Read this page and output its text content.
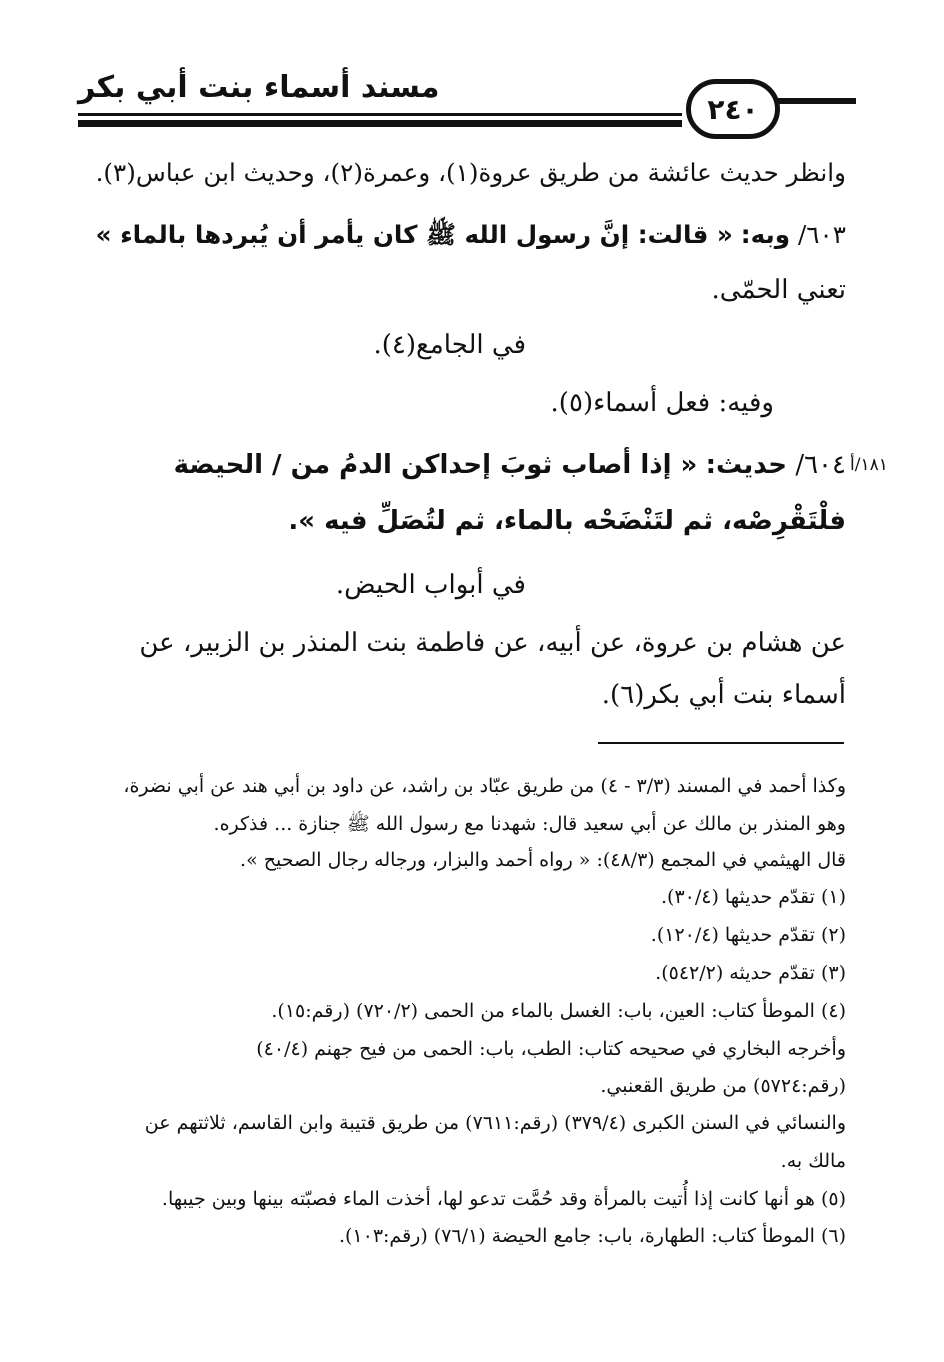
مسند أسماء بنت أبي بكر
٢٤٠
وانظر حديث عائشة من طريق عروة(١)، وعمرة(٢)، وحديث ابن عباس(٣).
٦٠٣/ وبه: « قالت: إنَّ رسول الله ﷺ كان يأمر أن يُبردها بالماء »
تعني الحمّى.
في الجامع(٤).
وفيه: فعل أسماء(٥).
١٨١/أ
٦٠٤/ حديث: « إذا أصاب ثوبَ إحداكن الدمُ من / الحيضة
فلْتَقْرِصْه، ثم لتَنْضَحْه بالماء، ثم لتُصَلِّ فيه ».
في أبواب الحيض.
عن هشام بن عروة، عن أبيه، عن فاطمة بنت المنذر بن الزبير، عن
أسماء بنت أبي بكر(٦).
وكذا أحمد في المسند (٣/٣ - ٤) من طريق عبّاد بن راشد، عن داود بن أبي هند عن أبي نضرة،
وهو المنذر بن مالك عن أبي سعيد قال: شهدنا مع رسول الله ﷺ جنازة ... فذكره.
قال الهيثمي في المجمع (٤٨/٣): « رواه أحمد والبزار، ورجاله رجال الصحيح ».
(١) تقدّم حديثها (٣٠/٤).
(٢) تقدّم حديثها (١٢٠/٤).
(٣) تقدّم حديثه (٥٤٢/٢).
(٤) الموطأ كتاب: العين، باب: الغسل بالماء من الحمى (٧٢٠/٢) (رقم:١٥).
وأخرجه البخاري في صحيحه كتاب: الطب، باب: الحمى من فيح جهنم (٤٠/٤)
(رقم:٥٧٢٤) من طريق القعنبي.
والنسائي في السنن الكبرى (٣٧٩/٤) (رقم:٧٦١١) من طريق قتيبة وابن القاسم، ثلاثتهم عن
مالك به.
(٥) هو أنها كانت إذا أُتيت بالمرأة وقد حُمَّت تدعو لها، أخذت الماء فصبّته بينها وبين جيبها.
(٦) الموطأ كتاب: الطهارة، باب: جامع الحيضة (٧٦/١) (رقم:١٠٣).
